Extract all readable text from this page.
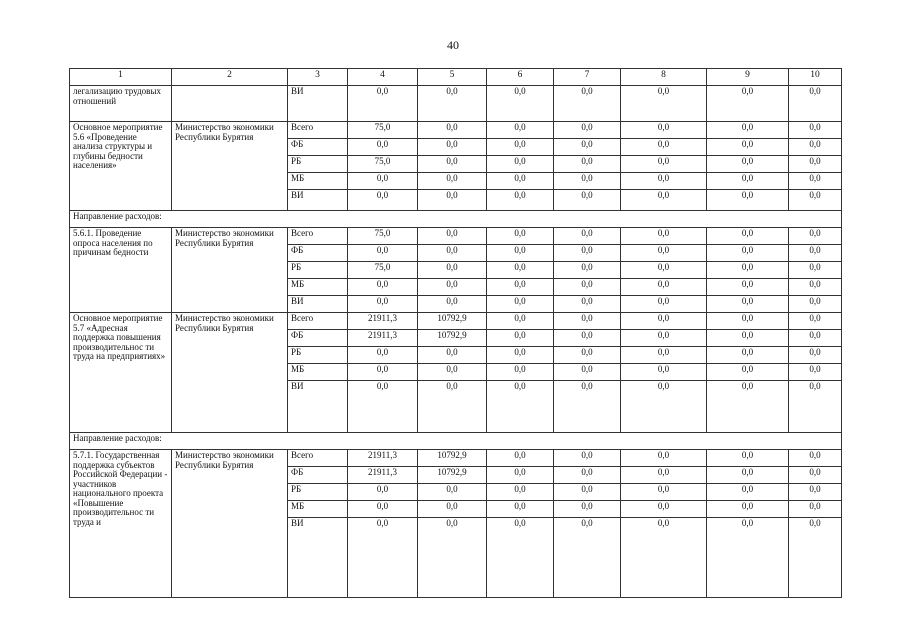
40
1	2	3	4	5	6	7	8	9	10
легализацию трудовых отношений		ВИ	0,0	0,0	0,0	0,0	0,0	0,0	0,0
Основное мероприятие 5.6 «Проведение анализа структуры и глубины бедности населения»	Министерство экономики Республики Бурятия	Всего	75,0	0,0	0,0	0,0	0,0	0,0	0,0
		ФБ	0,0	0,0	0,0	0,0	0,0	0,0	0,0
		РБ	75,0	0,0	0,0	0,0	0,0	0,0	0,0
		МБ	0,0	0,0	0,0	0,0	0,0	0,0	0,0
		ВИ	0,0	0,0	0,0	0,0	0,0	0,0	0,0
Направление расходов:									
5.6.1. Проведение опроса населения по причинам бедности	Министерство экономики Республики Бурятия	Всего	75,0	0,0	0,0	0,0	0,0	0,0	0,0
		ФБ	0,0	0,0	0,0	0,0	0,0	0,0	0,0
		РБ	75,0	0,0	0,0	0,0	0,0	0,0	0,0
		МБ	0,0	0,0	0,0	0,0	0,0	0,0	0,0
		ВИ	0,0	0,0	0,0	0,0	0,0	0,0	0,0
Основное мероприятие 5.7 «Адресная поддержка повышения производительнос ти труда на предприятиях»	Министерство экономики Республики Бурятия	Всего	21911,3	10792,9	0,0	0,0	0,0	0,0	0,0
		ФБ	21911,3	10792,9	0,0	0,0	0,0	0,0	0,0
		РБ	0,0	0,0	0,0	0,0	0,0	0,0	0,0
		МБ	0,0	0,0	0,0	0,0	0,0	0,0	0,0
		ВИ	0,0	0,0	0,0	0,0	0,0	0,0	0,0
Направление расходов:									
5.7.1. Государственная поддержка субъектов Российской Федерации - участников национального проекта «Повышение производительнос ти труда и	Министерство экономики Республики Бурятия	Всего	21911,3	10792,9	0,0	0,0	0,0	0,0	0,0
		ФБ	21911,3	10792,9	0,0	0,0	0,0	0,0	0,0
		РБ	0,0	0,0	0,0	0,0	0,0	0,0	0,0
		МБ	0,0	0,0	0,0	0,0	0,0	0,0	0,0
		ВИ	0,0	0,0	0,0	0,0	0,0	0,0	0,0
